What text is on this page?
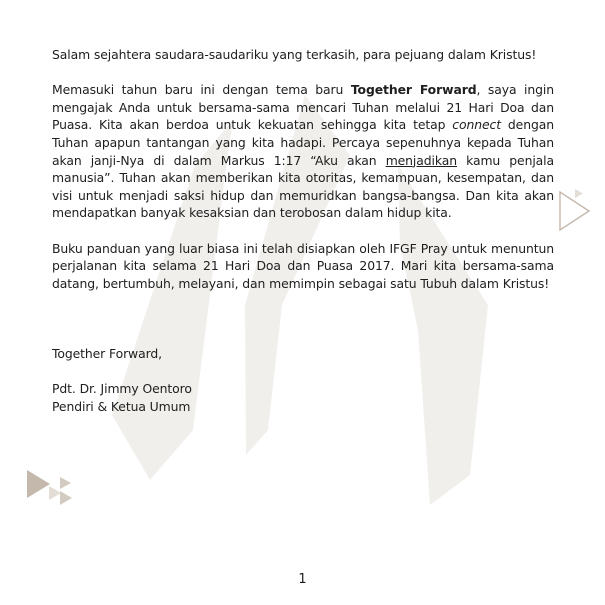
Salam sejahtera saudara-saudariku yang terkasih, para pejuang dalam Kristus!

Memasuki tahun baru ini dengan tema baru Together Forward, saya ingin mengajak Anda untuk bersama-sama mencari Tuhan melalui 21 Hari Doa dan Puasa. Kita akan berdoa untuk kekuatan sehingga kita tetap connect dengan Tuhan apapun tantangan yang kita hadapi. Percaya sepenuhnya kepada Tuhan akan janji-Nya di dalam Markus 1:17 “Aku akan menjadikan kamu penjala manusia”. Tuhan akan memberikan kita otoritas, kemampuan, kesempatan, dan visi untuk menjadi saksi hidup dan memuridkan bangsa-bangsa. Dan kita akan mendapatkan banyak kesaksian dan terobosan dalam hidup kita.

Buku panduan yang luar biasa ini telah disiapkan oleh IFGF Pray untuk menuntun perjalanan kita selama 21 Hari Doa dan Puasa 2017. Mari kita bersama-sama datang, bertumbuh, melayani, dan memimpin sebagai satu Tubuh dalam Kristus!

Together Forward,

Pdt. Dr. Jimmy Oentoro

Pendiri & Ketua Umum

1
